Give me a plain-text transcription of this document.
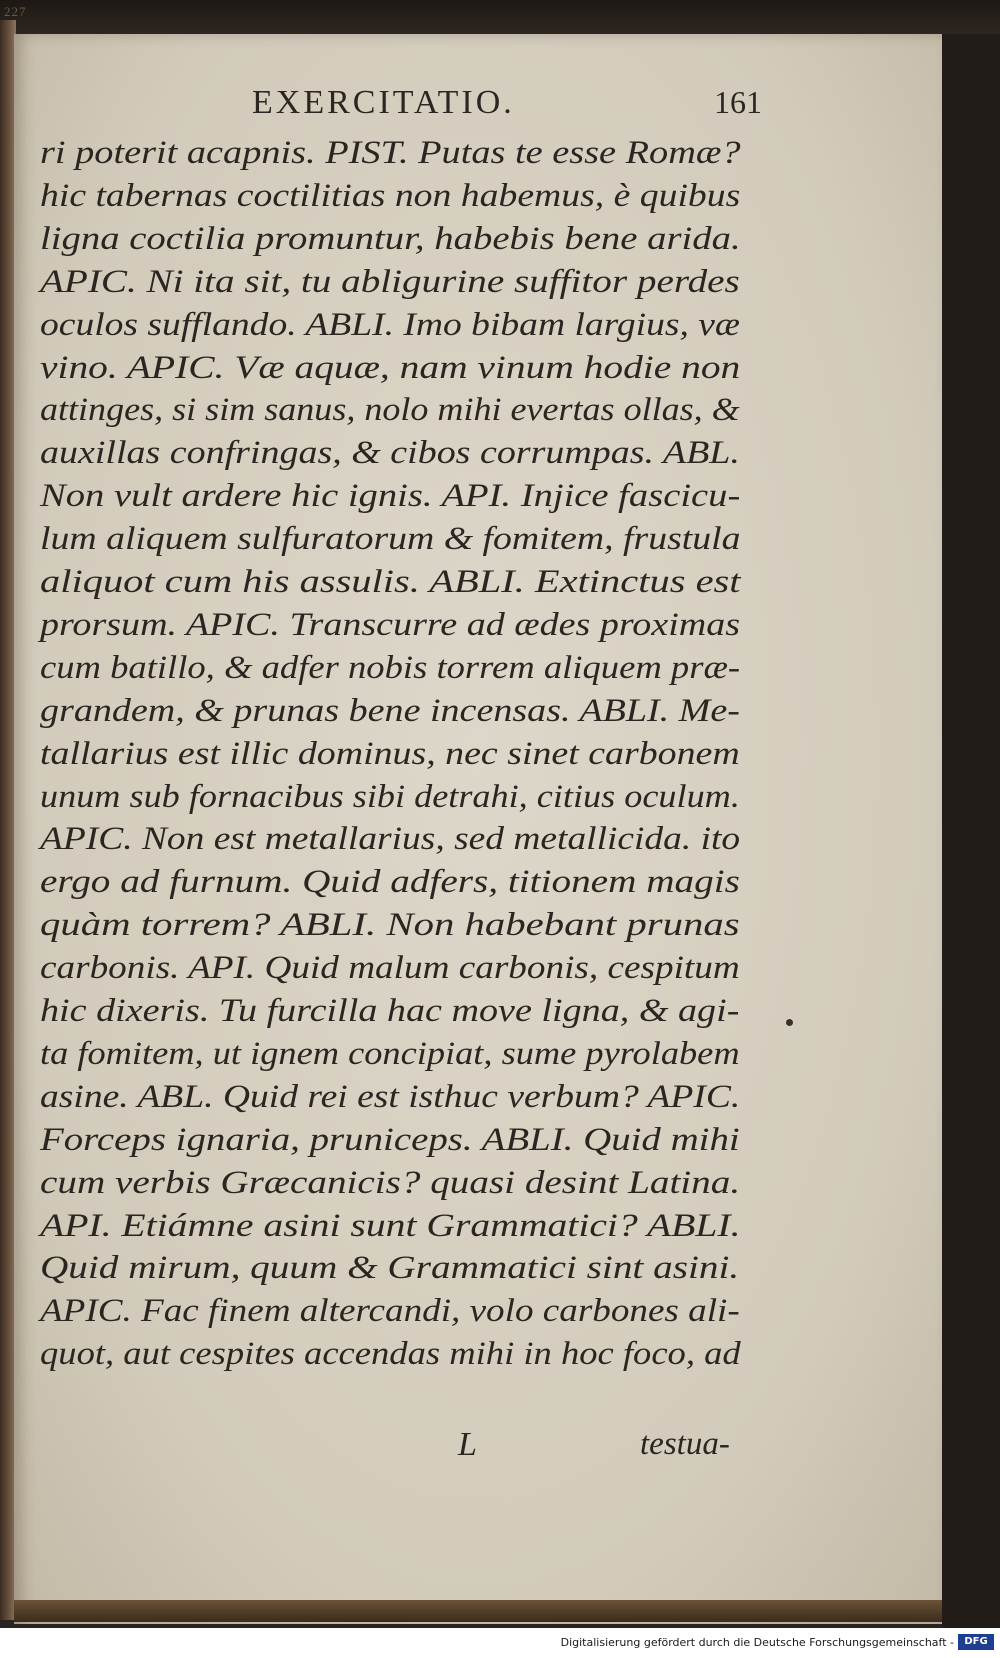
227
EXERCITATIO.	161
ri poterit acapnis. PIST. Putas te esse Romæ?
hic tabernas coctilitias non habemus, è quibus
ligna coctilia promuntur, habebis bene arida.
APIC. Ni ita sit, tu abligurine suffitor perdes
oculos sufflando. ABLI. Imo bibam largius, væ
vino. APIC. Væ aquæ, nam vinum hodie non
attinges, si sim sanus, nolo mihi evertas ollas, &
auxillas confringas, & cibos corrumpas. ABL.
Non vult ardere hic ignis. API. Injice fascicu-
lum aliquem sulfuratorum & fomitem, frustula
aliquot cum his assulis. ABLI. Extinctus est
prorsum. APIC. Transcurre ad ædes proximas
cum batillo, & adfer nobis torrem aliquem præ-
grandem, & prunas bene incensas. ABLI. Me-
tallarius est illic dominus, nec sinet carbonem
unum sub fornacibus sibi detrahi, citius oculum.
APIC. Non est metallarius, sed metallicida. ito
ergo ad furnum. Quid adfers, titionem magis
quàm torrem? ABLI. Non habebant prunas
carbonis. API. Quid malum carbonis, cespitum
hic dixeris. Tu furcilla hac move ligna, & agi-
ta fomitem, ut ignem concipiat, sume pyrolabem
asine. ABL. Quid rei est isthuc verbum? APIC.
Forceps ignaria, pruniceps. ABLI. Quid mihi
cum verbis Græcanicis? quasi desint Latina.
API. Etiámne asini sunt Grammatici? ABLI.
Quid mirum, quum & Grammatici sint asini.
APIC. Fac finem altercandi, volo carbones ali-
quot, aut cespites accendas mihi in hoc foco, ad
L	testua-
Digitalisierung gefördert durch die Deutsche Forschungsgemeinschaft -	DFG
